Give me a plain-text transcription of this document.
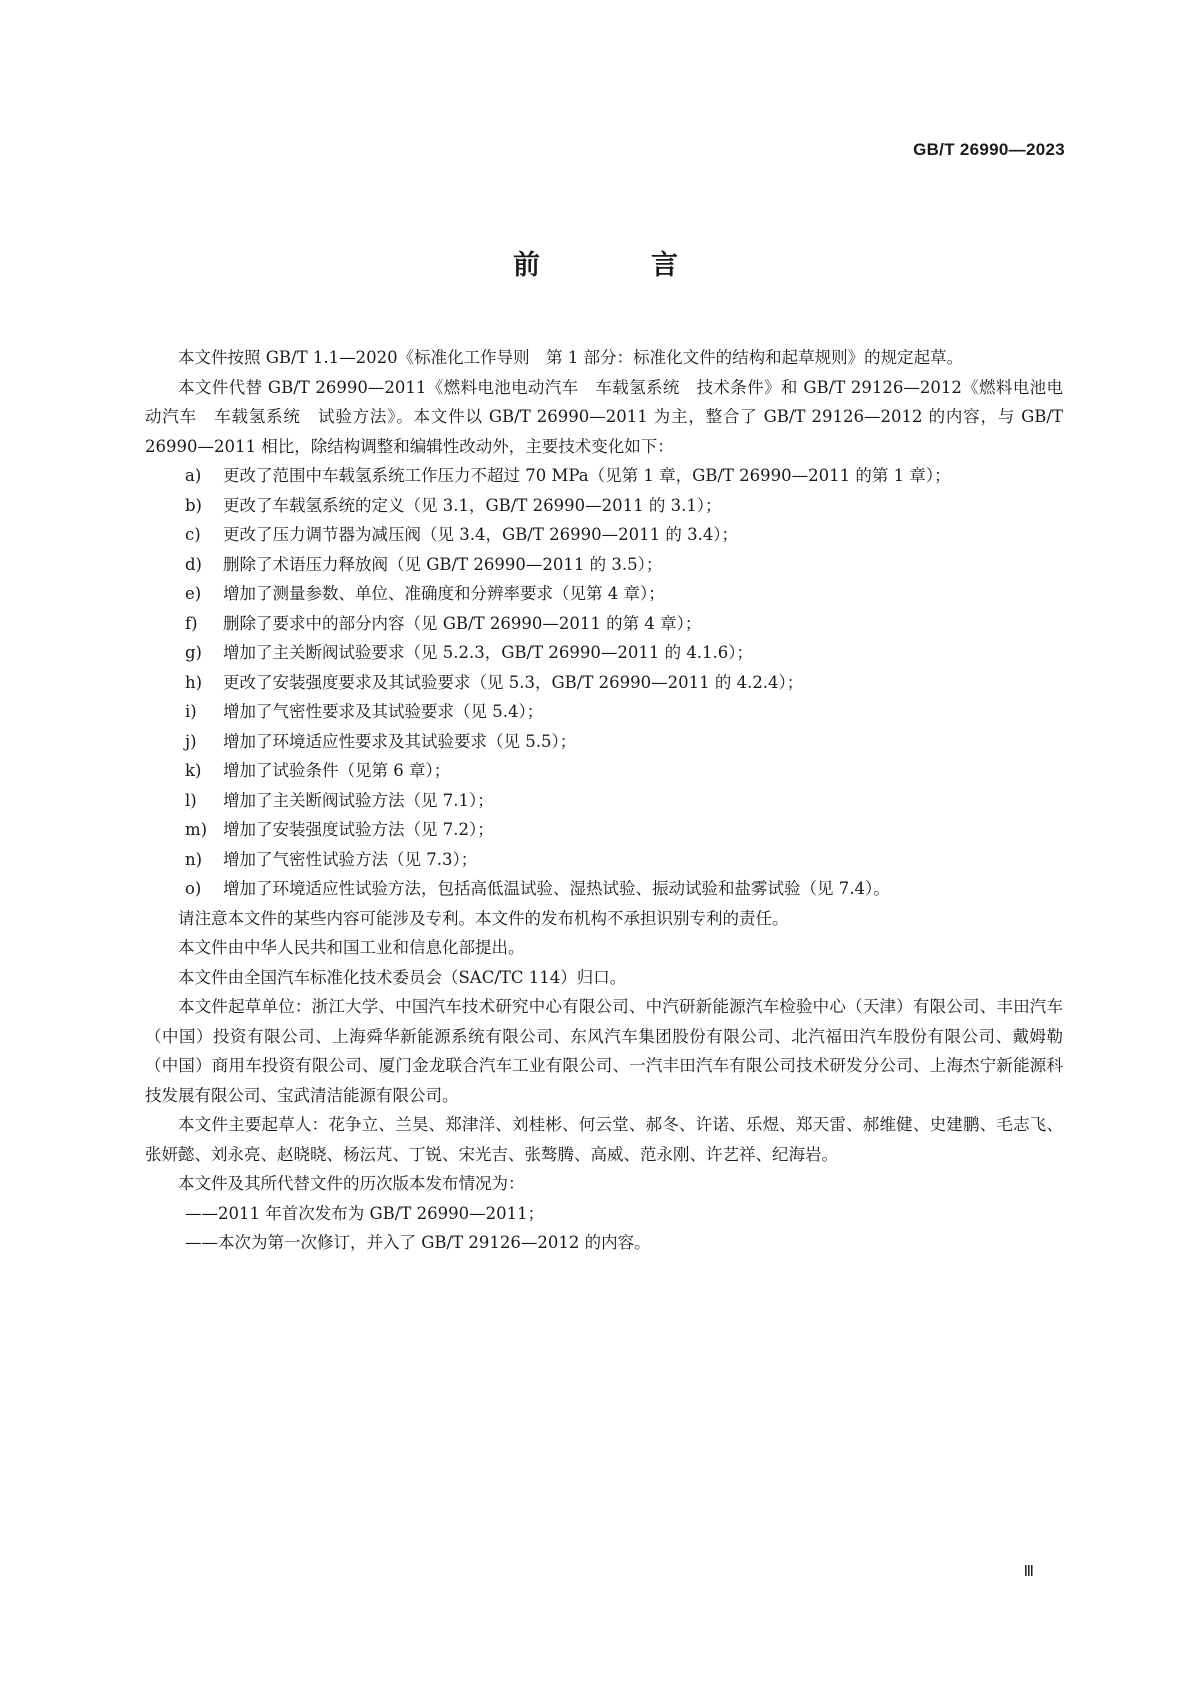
GB/T 26990—2023
前　言

本文件按照 GB/T 1.1—2020《标准化工作导则　第 1 部分：标准化文件的结构和起草规则》的规定起草。

本文件代替 GB/T 26990—2011《燃料电池电动汽车　车载氢系统　技术条件》和 GB/T 29126—2012《燃料电池电动汽车　车载氢系统　试验方法》。本文件以 GB/T 26990—2011 为主，整合了 GB/T 29126—2012 的内容，与 GB/T 26990—2011 相比，除结构调整和编辑性改动外，主要技术变化如下：

a)	更改了范围中车载氢系统工作压力不超过 70 MPa（见第 1 章，GB/T 26990—2011 的第 1 章）；
b)	更改了车载氢系统的定义（见 3.1，GB/T 26990—2011 的 3.1）；
c)	更改了压力调节器为减压阀（见 3.4，GB/T 26990—2011 的 3.4）；
d)	删除了术语压力释放阀（见 GB/T 26990—2011 的 3.5）；
e)	增加了测量参数、单位、准确度和分辨率要求（见第 4 章）；
f)	删除了要求中的部分内容（见 GB/T 26990—2011 的第 4 章）；
g)	增加了主关断阀试验要求（见 5.2.3，GB/T 26990—2011 的 4.1.6）；
h)	更改了安装强度要求及其试验要求（见 5.3，GB/T 26990—2011 的 4.2.4）；
i)	增加了气密性要求及其试验要求（见 5.4）；
j)	增加了环境适应性要求及其试验要求（见 5.5）；
k)	增加了试验条件（见第 6 章）；
l)	增加了主关断阀试验方法（见 7.1）；
m) 增加了安装强度试验方法（见 7.2）；
n)	增加了气密性试验方法（见 7.3）；
o)	增加了环境适应性试验方法，包括高低温试验、湿热试验、振动试验和盐雾试验（见 7.4）。

请注意本文件的某些内容可能涉及专利。本文件的发布机构不承担识别专利的责任。

本文件由中华人民共和国工业和信息化部提出。

本文件由全国汽车标准化技术委员会（SAC/TC 114）归口。

本文件起草单位：浙江大学、中国汽车技术研究中心有限公司、中汽研新能源汽车检验中心（天津）有限公司、丰田汽车（中国）投资有限公司、上海舜华新能源系统有限公司、东风汽车集团股份有限公司、北汽福田汽车股份有限公司、戴姆勒（中国）商用车投资有限公司、厦门金龙联合汽车工业有限公司、一汽丰田汽车有限公司技术研发分公司、上海杰宁新能源科技发展有限公司、宝武清洁能源有限公司。

本文件主要起草人：花争立、兰昊、郑津洋、刘桂彬、何云堂、郝冬、许诺、乐煜、郑天雷、郝维健、史建鹏、毛志飞、张妍懿、刘永亮、赵晓晓、杨沄芃、丁锐、宋光吉、张骜腾、高威、范永刚、许艺祥、纪海岩。

本文件及其所代替文件的历次版本发布情况为：

——2011 年首次发布为 GB/T 26990—2011；

——本次为第一次修订，并入了 GB/T 29126—2012 的内容。

Ⅲ
